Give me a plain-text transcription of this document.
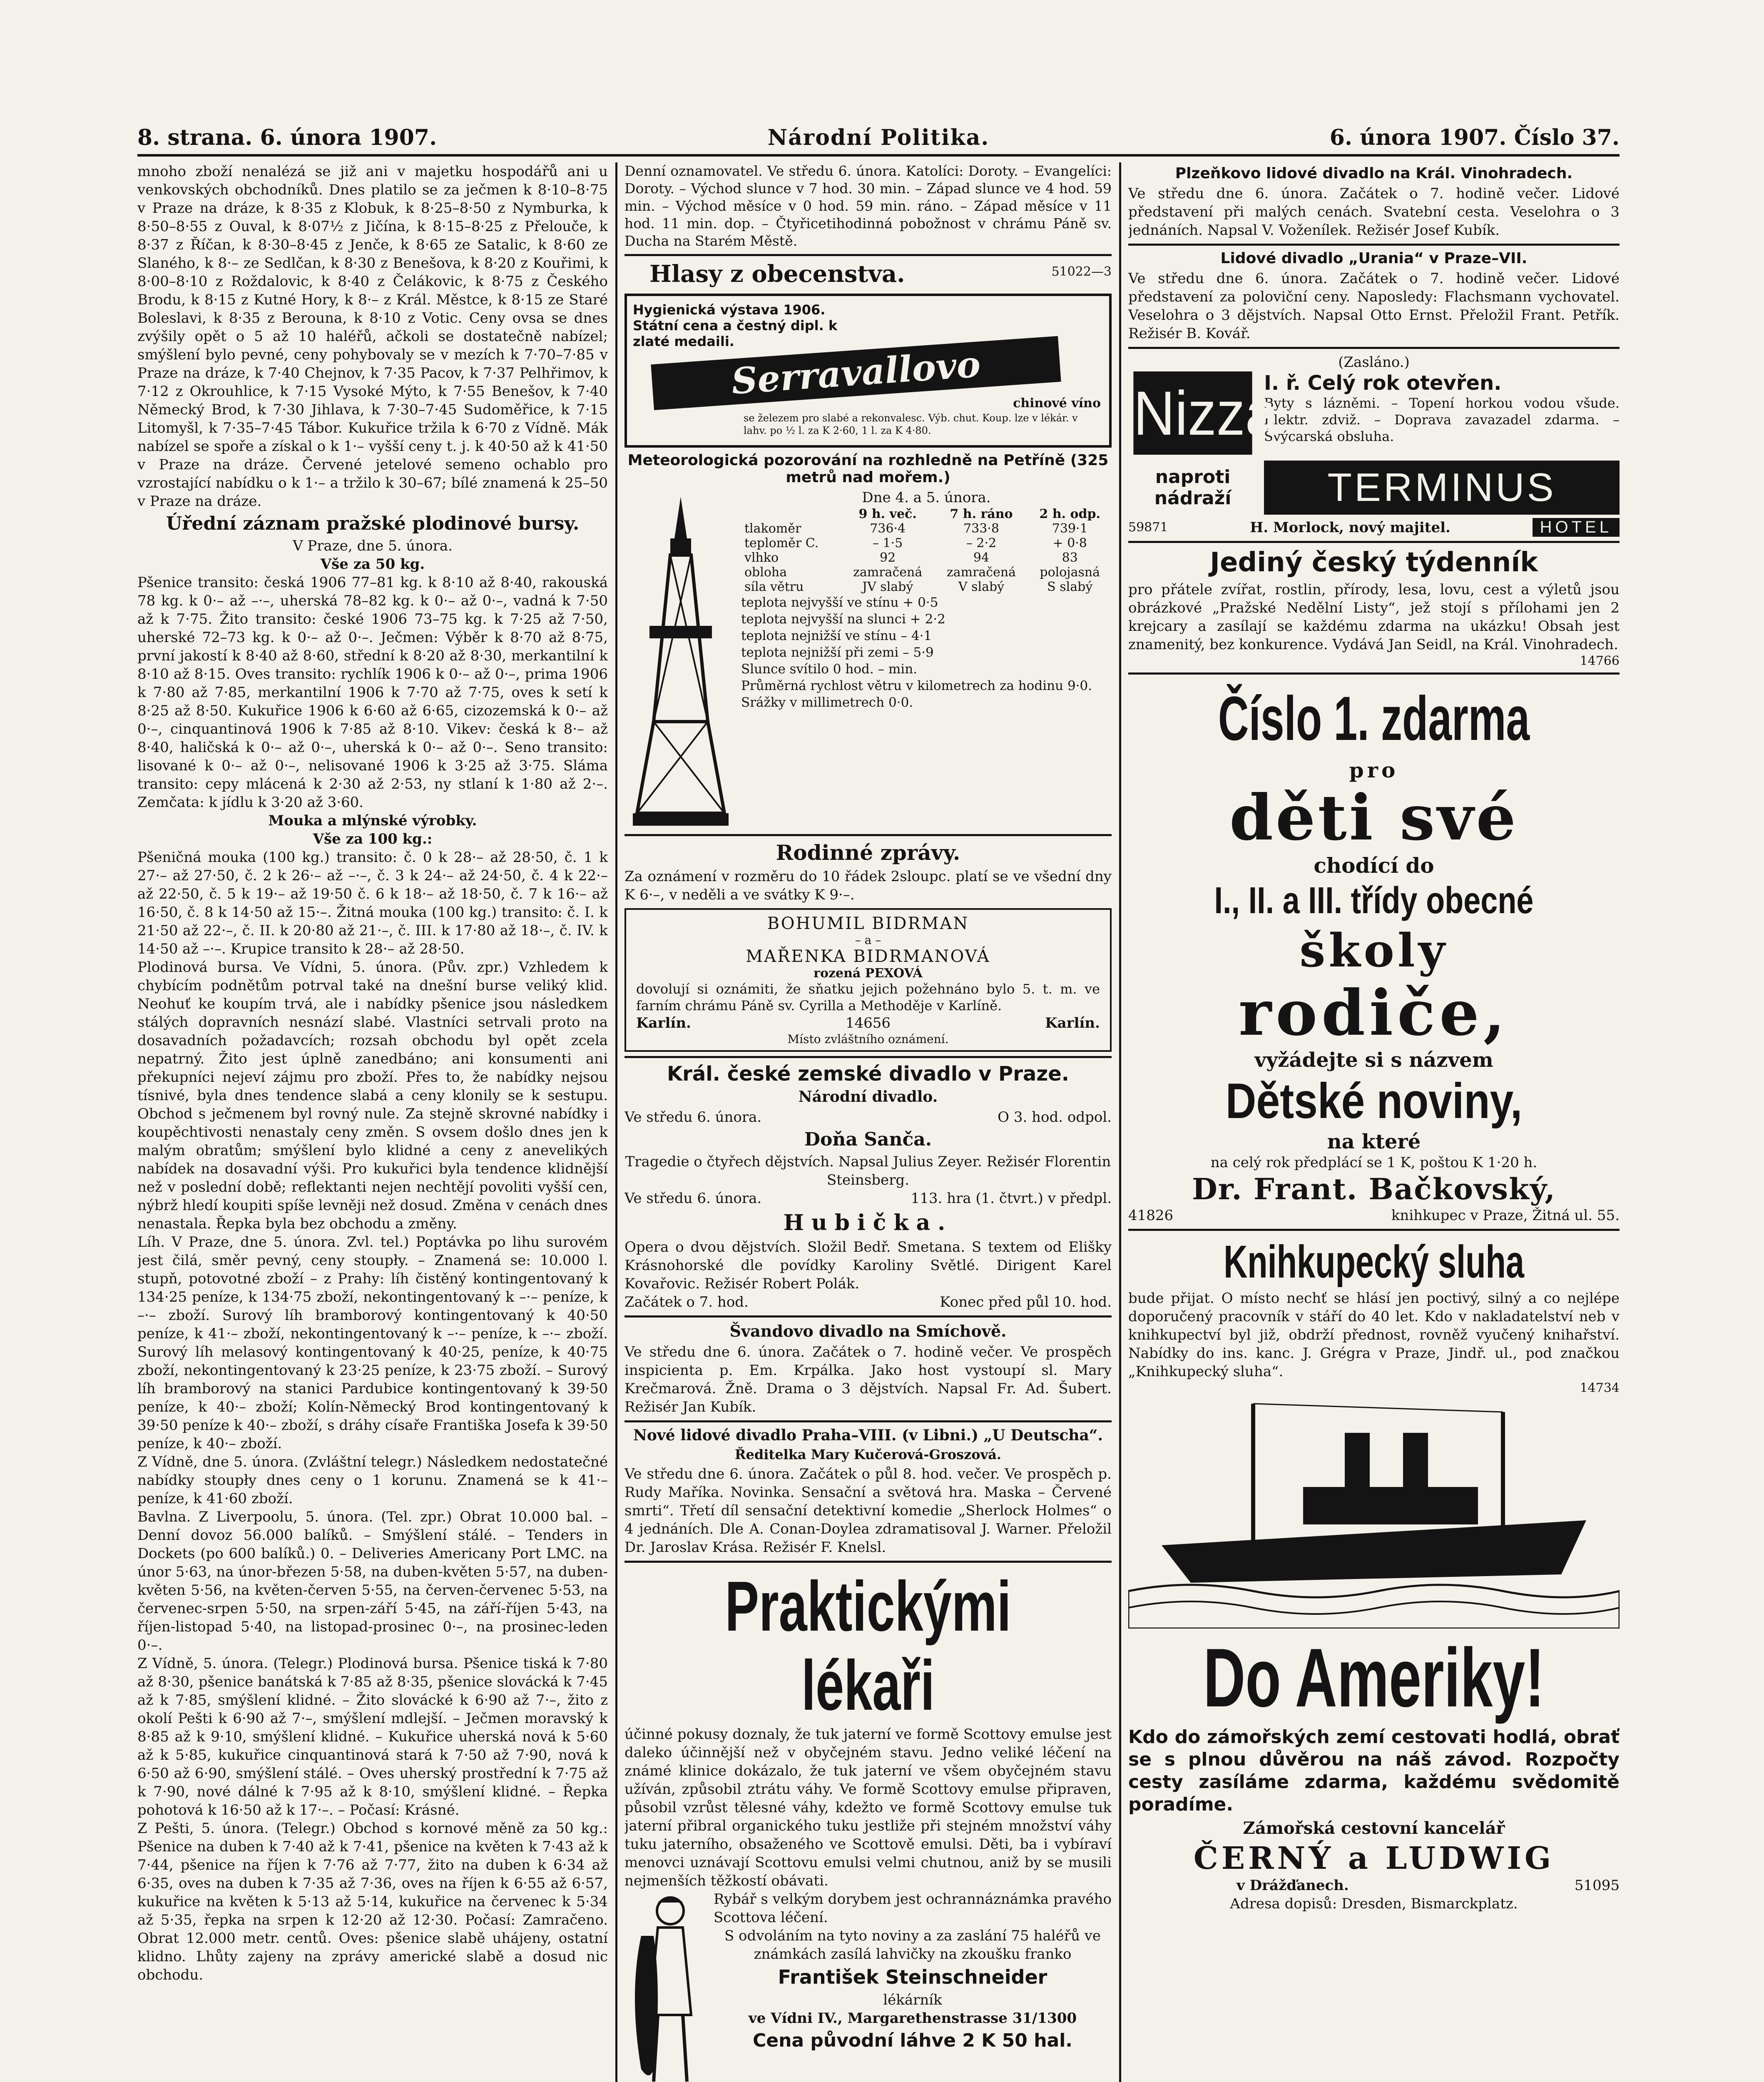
Národní Politika.
8. strana. 6. února 1907.	6. února 1907. Číslo 37.

mnoho zboží nenalézá se již ani v majetku hospodářů ani u venkovských obchodníků. Dnes platilo se za ječmen k 8·10–8·75 v Praze na dráze, k 8·35 z Klobuk, k 8·25–8·50 z Nymburka, k 8·50–8·55 z Ouval, k 8·07½ z Jičína, k 8·15–8·25 z Přelouče, k 8·37 z Říčan, k 8·30–8·45 z Jenče, k 8·65 ze Sataliс, k 8·60 ze Slaného, k 8·– ze Sedlčan, k 8·30 z Benešova, k 8·20 z Kouřimi, k 8·00–8·10 z Roždalovic, k 8·40 z Čelákovic, k 8·75 z Českého Brodu, k 8·15 z Kutné Hory, k 8·– z Král. Městce, k 8·15 ze Staré Boleslavi, k 8·35 z Berouna, k 8·10 z Votic. Ceny ovsa se dnes zvýšily opět o 5 až 10 haléřů, ačkoli se dostatečně nabízel; smýšlení bylo pevné, ceny pohybovaly se v mezích k 7·70–7·85 v Praze na dráze, k 7·40 Chejnov, k 7·35 Pacov, k 7·37 Pelhřimov, k 7·12 z Okrouhlice, k 7·15 Vysoké Mýto, k 7·55 Benešov, k 7·40 Německý Brod, k 7·30 Jihlava, k 7·30–7·45 Sudoměřice, k 7·15 Litomyšl, k 7·35–7·45 Tábor. Kukuřice tržila k 6·70 z Vídně. Mák nabízel se spoře a získal o k 1·– vyšší ceny t. j. k 40·50 až k 41·50 v Praze na dráze. Červené jetelové semeno ochablo pro vzrostající nabídku o k 1·– a tržilo k 30–67; bílé znamená k 25–50 v Praze na dráze.

Úřední záznam pražské plodinové bursy.
V Praze, dne 5. února.
Vše za 50 kg.

Pšenice transito: česká 1906 77–81 kg. k 8·10 až 8·40, rakouská 78 kg. k 0·– až –·–, uherská 78–82 kg. k 0·– až 0·–, vadná k 7·50 až k 7·75. Žito transito: české 1906 73–75 kg. k 7·25 až 7·50, uherské 72–73 kg. k 0·– až 0·–. Ječmen: Výběr k 8·70 až 8·75, první jakostí k 8·40 až 8·60, střední k 8·20 až 8·30, merkantilní k 8·10 až 8·15. Oves transito: rychlík 1906 k 0·– až 0·–, prima 1906 k 7·80 až 7·85, merkantilní 1906 k 7·70 až 7·75, oves k setí k 8·25 až 8·50. Kukuřice 1906 k 6·60 až 6·65, cizozemská k 0·– až 0·–, cinquantinová 1906 k 7·85 až 8·10. Vikev: česká k 8·– až 8·40, haličská k 0·– až 0·–, uherská k 0·– až 0·–. Seno transito: lisované k 0·– až 0·–, nelisované 1906 k 3·25 až 3·75. Sláma transito: cepy mlácená k 2·30 až 2·53, ny stlaní k 1·80 až 2·–. Zemčata: k jídlu k 3·20 až 3·60.

Mouka a mlýnské výrobky.
Vše za 100 kg.:

Pšeničná mouka (100 kg.) transito: č. 0 k 28·– až 28·50, č. 1 k 27·– až 27·50, č. 2 k 26·– až –·–, č. 3 k 24·– až 24·50, č. 4 k 22·– až 22·50, č. 5 k 19·– až 19·50 č. 6 k 18·– až 18·50, č. 7 k 16·– až 16·50, č. 8 k 14·50 až 15·–. Žitná mouka (100 kg.) transito: č. I. k 21·50 až 22·–, č. II. k 20·80 až 21·–, č. III. k 17·80 až 18·–, č. IV. k 14·50 až –·–. Krupice transito k 28·– až 28·50.

Plodinová bursa. Ve Vídni, 5. února. (Pův. zpr.) Vzhledem k chybícím podnětům potrval také na dnešní burse veliký klid. Neohuť ke koupím trvá, ale i nabídky pšenice jsou následkem stálých dopravních nesnází slabé. Vlastníci setrvali proto na dosavadních požadavcích; rozsah obchodu byl opět zcela nepatrný. Žito jest úplně zanedbáno; ani konsumenti ani překupníci nejeví zájmu pro zboží. Přes to, že nabídky nejsou tísnivé, byla dnes tendence slabá a ceny klonily se k sestupu. Obchod s ječmenem byl rovný nule. Za stejně skrovné nabídky i koupěchtivosti nenastaly ceny změn. S ovsem došlo dnes jen k malým obratům; smýšlení bylo klidné a ceny z anevelikých nabídek na dosavadní výši. Pro kukuřici byla tendence klidnější než v poslední době; reflektanti nejen nechtějí povoliti vyšší cen, nýbrž hledí koupiti spíše levněji než dosud. Změna v cenách dnes nenastala. Řepka byla bez obchodu a změny.

Líh. V Praze, dne 5. února. Zvl. tel.) Poptávka po lihu surovém jest čilá, směr pevný, ceny stoupły. – Znamená se: 10.000 l. stupň, potovotné zboží – z Prahy: líh čistěný kontingentovaný k 134·25 peníze, k 134·75 zboží, nekontingentovaný k –·– peníze, k –·– zboží. Surový líh bramborový kontingentovaný k 40·50 peníze, k 41·– zboží, nekontingentovaný k –·– peníze, k –·– zboží. Surový líh melasový kontingentovaný k 40·25, peníze, k 40·75 zboží, nekontingentovaný k 23·25 peníze, k 23·75 zboží. – Surový líh bramborový na stanici Pardubice kontingentovaný k 39·50 peníze, k 40·– zboží; Kolín-Německý Brod kontingentovaný k 39·50 peníze k 40·– zboží, s dráhy císaře Františka Josefa k 39·50 peníze, k 40·– zboží.

Z Vídně, dne 5. února. (Zvláštní telegr.) Následkem nedostatečné nabídky stoupły dnes ceny o 1 korunu. Znamená se k 41·– peníze, k 41·60 zboží.

Bavlna. Z Liverpoolu, 5. února. (Tel. zpr.) Obrat 10.000 bal. – Denní dovoz 56.000 balíků. – Smýšlení stálé. – Tenders in Dockets (po 600 balíků.) 0. – Deliveries Americany Port LMC. na únor 5·63, na únor-březen 5·58, na duben-květen 5·57, na duben-květen 5·56, na květen-červen 5·55, na červen-červenec 5·53, na červenec-srpen 5·50, na srpen-září 5·45, na září-říjen 5·43, na říjen-listopad 5·40, na listopad-prosinec 0·–, na prosinec-leden 0·–.

Z Vídně, 5. února. (Telegr.) Plodinová bursa. Pšenice tiská k 7·80 až 8·30, pšenice banátská k 7·85 až 8·35, pšenice slovácká k 7·45 až k 7·85, smýšlení klidné. – Žito slovácké k 6·90 až 7·–, žito z okolí Pešti k 6·90 až 7·–, smýšlení mdlejší. – Ječmen moravský k 8·85 až k 9·10, smýšlení klidné. – Kukuřice uherská nová k 5·60 až k 5·85, kukuřice cinquantinová stará k 7·50 až 7·90, nová k 6·50 až 6·90, smýšlení stálé. – Oves uherský prostřední k 7·75 až k 7·90, nové dálné k 7·95 až k 8·10, smýšlení klidné. – Řepka pohotová k 16·50 až k 17·–. – Počasí: Krásné.

Z Pešti, 5. února. (Telegr.) Obchod s kornové měně za 50 kg.: Pšenice na duben k 7·40 až k 7·41, pšenice na květen k 7·43 až k 7·44, pšenice na říjen k 7·76 až 7·77, žito na duben k 6·34 až 6·35, oves na duben k 7·35 až 7·36, oves na říjen k 6·55 až 6·57, kukuřice na květen k 5·13 až 5·14, kukuřice na červenec k 5·34 až 5·35, řepka na srpen k 12·20 až 12·30. Počasí: Zamračeno. Obrat 12.000 metr. centů. Oves: pšenice slabě uhájeny, ostatní klidno. Lhůty zajeny na zprávy americké slabě a dosud nic obchodu.

Denní oznamovatel. Ve středu 6. února. Katolíci: Doroty. – Evangelíci: Doroty. – Východ slunce v 7 hod. 30 min. – Západ slunce ve 4 hod. 59 min. – Východ měsíce v 0 hod. 59 min. ráno. – Západ měsíce v 11 hod. 11 min. dop. – Čtyřicetihodinná pobožnost v chrámu Páně sv. Ducha na Starém Městě.

Hlasy z obecenstva.	51022—3
Hygienická výstava 1906.
Státní cena a čestný dipl. k zlaté medaili.
Serravallovo
chinové víno
se železem pro slabé a rekonvalesc. Výb. chut. Koup. lze v lékár. v lahv. po ½ l. za K 2·60, 1 l. za K 4·80.
Meteorologická pozorování na rozhledně na Petříně (325 metrů nad mořem.)
Dne 4. a 5. února.
	9 h. več.	7 h. ráno	2 h. odp.
tlakoměr	736·4	733·8	739·1
teploměr C.	– 1·5	– 2·2	+ 0·8
vlhko	92	94	83
obloha	zamračená	zamračená	polojasná
síla větru	JV slabý	V slabý	S slabý
teplota nejvyšší ve stínu + 0·5
teplota nejvyšší na slunci + 2·2
teplota nejnižší ve stínu – 4·1
teplota nejnižší při zemi – 5·9
Slunce svítilo 0 hod. – min.
Průměrná rychlost větru v kilometrech za hodinu 9·0.
Srážky v millimetrech 0·0.
Rodinné zprávy.

Za oznámení v rozměru do 10 řádek 2sloupc. platí se ve všední dny K 6·–, v neděli a ve svátky K 9·–.

BOHUMIL BIDRMAN
– a –
MAŘENKA BIDRMANOVÁ
rozená PEXOVÁ

dovolují si oznámiti, že sňatku jejich požehnáno bylo 5. t. m. ve farním chrámu Páně sv. Cyrilla a Methoděje v Karlíně.

Karlín.	14656	Karlín.
Místo zvláštního oznámení.
Král. české zemské divadlo v Praze.
Národní divadlo.
Ve středu 6. února.	O 3. hod. odpol.
Doňa Sanča.

Tragedie o čtyřech dějstvích. Napsal Julius Zeyer. Režisér Florentin Steinsberg.

Ve středu 6. února.	113. hra (1. čtvrt.) v předpl.
Hubička.

Opera o dvou dějstvích. Složil Bedř. Smetana. S textem od Elišky Krásnohorské dle povídky Karoliny Světlé. Dirigent Karel Kovařovic. Režisér Robert Polák.

Začátek o 7. hod.	Konec před půl 10. hod.
Švandovo divadlo na Smíchově.

Ve středu dne 6. února. Začátek o 7. hodině večer. Ve prospěch inspicienta p. Em. Krpálka. Jako host vystoupí sl. Mary Krečmarová. Žně. Drama o 3 dějstvích. Napsal Fr. Ad. Šubert. Režisér Jan Kubík.

Nové lidové divadlo Praha–VIII. (v Libni.) „U Deutscha“.
Ředitelka Mary Kučerová-Groszová.

Ve středu dne 6. února. Začátek o půl 8. hod. večer. Ve prospěch p. Rudy Maříka. Novinka. Sensační a světová hra. Maska – Červené smrti“. Třetí díl sensační detektivní komedie „Sherlock Holmes“ o 4 jednáních. Dle A. Conan-Doylea zdramatisoval J. Warner. Přeložil Dr. Jaroslav Krása. Režisér F. Knelsl.

Praktickými
lékaři

účinné pokusy doznaly, že tuk jaterní ve formě Scottovy emulse jest daleko účinnější než v obyčejném stavu. Jedno veliké léčení na známé klinice dokázalo, že tuk jaterní ve všem obyčejném stavu užíván, způsobil ztrátu váhy. Ve formě Scottovy emulse připraven, působil vzrůst tělesné váhy, kdežto ve formě Scottovy emulse tuk jaterní přibral organického tuku jestliže při stejném množství váhy tuku jaterního, obsaženého ve Scottově emulsi. Děti, ba i vybíraví menovci uznávají Scottovu emulsi velmi chutnou, aniž by se musili nejmenších těžkostí obávati.

Rybář s velkým dorybem jest ochrannáznámka pravého Scottova léčení.

S odvoláním na tyto noviny a za zaslání 75 haléřů ve známkách zasílá lahvičky na zkoušku franko

František Steinschneider
lékárník
ve Vídni IV., Margarethenstrasse 31/1300
Cena původní láhve 2 K 50 hal.
Plzeňkovo lidové divadlo na Král. Vinohradech.

Ve středu dne 6. února. Začátek o 7. hodině večer. Lidové představení při malých cenách. Svatební cesta. Veselohra o 3 jednáních. Napsal V. Voženílek. Režisér Josef Kubík.

Lidové divadlo „Urania“ v Praze–VII.

Ve středu dne 6. února. Začátek o 7. hodině večer. Lidové představení za poloviční ceny. Naposledy: Flachsmann vychovatel. Veselohra o 3 dějstvích. Napsal Otto Ernst. Přeložil Frant. Petřík. Režisér B. Kovář.

(Zasláno.)
Nizza
I. ř. Celý rok otevřen.

Byty s lázněmi. – Topení horkou vodou všude. Elektr. zdviž. – Doprava zavazadel zdarma. – Švýcarská obsluha.

naproti nádraží	TERMINUS
59871	H. Morlock, nový majitel.	HOTEL
Jediný český týdenník

pro přátele zvířat, rostlin, přírody, lesa, lovu, cest a výletů jsou obrázkové „Pražské Nedělní Listy“, jež stojí s přílohami jen 2 krejcary a zasílají se každému zdarma na ukázku! Obsah jest znamenitý, bez konkurence. Vydává Jan Seidl, na Král. Vinohradech.

14766
Číslo 1. zdarma
pro
děti své
chodící do
I., II. a III. třídy obecné
školy
rodiče,
vyžádejte si s názvem
Dětské noviny,
na které
na celý rok předplácí se 1 K, poštou K 1·20 h.
Dr. Frant. Bačkovský,
41826	knihkupec v Praze, Žitná ul. 55.
Knihkupecký sluha

bude přijat. O místo nechť se hlásí jen poctivý, silný a co nejlépe doporučený pracovník v stáří do 40 let. Kdo v nakladatelství neb v knihkupectví byl již, obdrží přednost, rovněž vyučený knihařství. Nabídky do ins. kanc. J. Grégra v Praze, Jindř. ul., pod značkou „Knihkupecký sluha“.

14734
Do Ameriky!

Kdo do zámořských zemí cestovati hodlá, obrať se s plnou důvěrou na náš závod. Rozpočty cesty zasíláme zdarma, každému svědomitě poradíme.

Zámořská cestovní kancelář
ČERNÝ a LUDWIG
v Drážďanech.	51095
Adresa dopisů: Dresden, Bismarckplatz.
